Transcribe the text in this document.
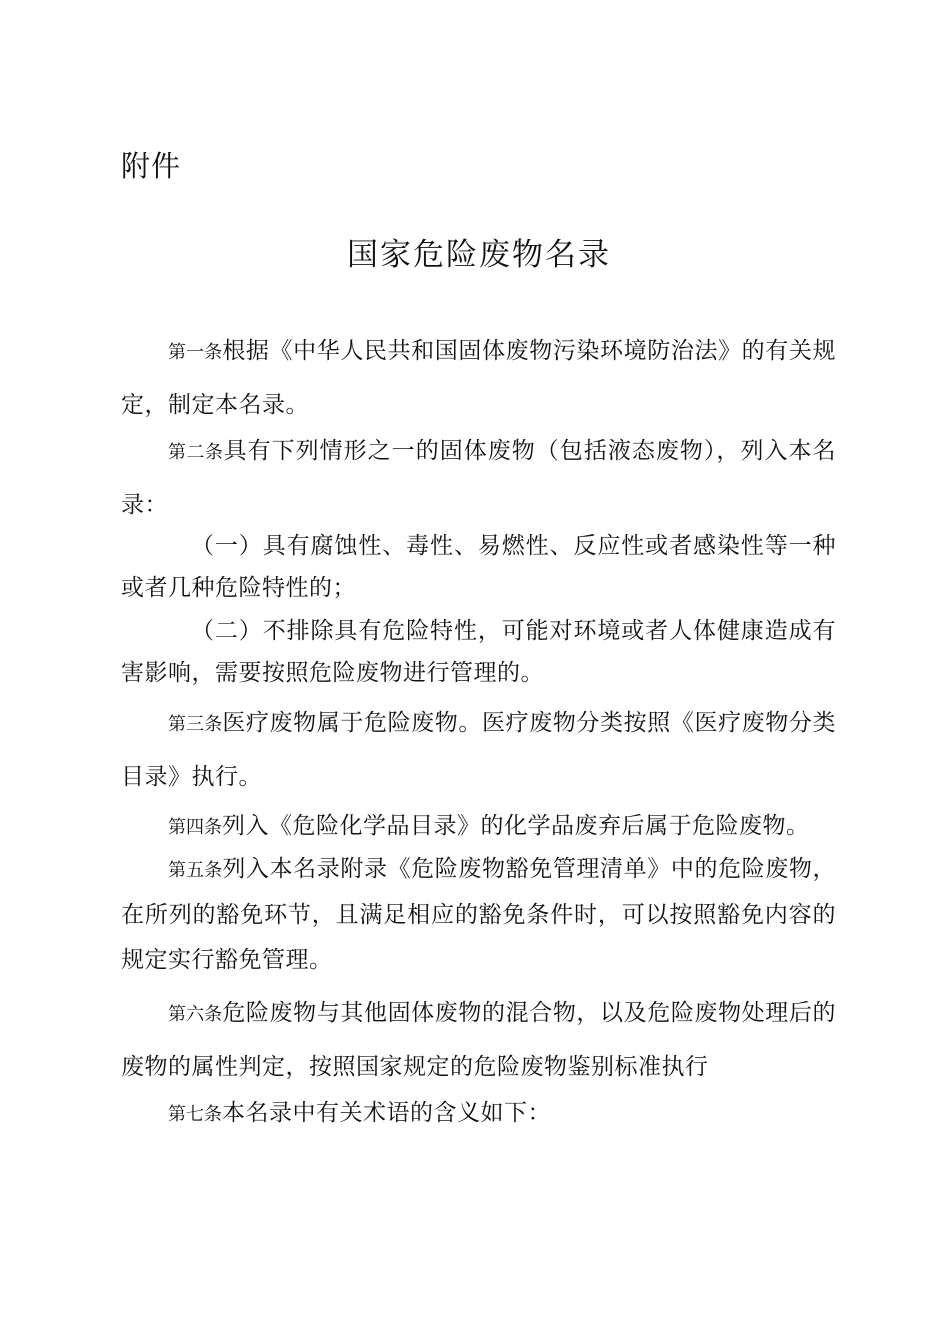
附件
国家危险废物名录
第一条根据《中华人民共和国固体废物污染环境防治法》的有关规定，制定本名录。
第二条具有下列情形之一的固体废物（包括液态废物），列入本名录：
（一）具有腐蚀性、毒性、易燃性、反应性或者感染性等一种或者几种危险特性的；
（二）不排除具有危险特性，可能对环境或者人体健康造成有害影响，需要按照危险废物进行管理的。
第三条医疗废物属于危险废物。医疗废物分类按照《医疗废物分类目录》执行。
第四条列入《危险化学品目录》的化学品废弃后属于危险废物。
第五条列入本名录附录《危险废物豁免管理清单》中的危险废物，在所列的豁免环节，且满足相应的豁免条件时，可以按照豁免内容的规定实行豁免管理。
第六条危险废物与其他固体废物的混合物，以及危险废物处理后的废物的属性判定，按照国家规定的危险废物鉴别标准执行
第七条本名录中有关术语的含义如下：
